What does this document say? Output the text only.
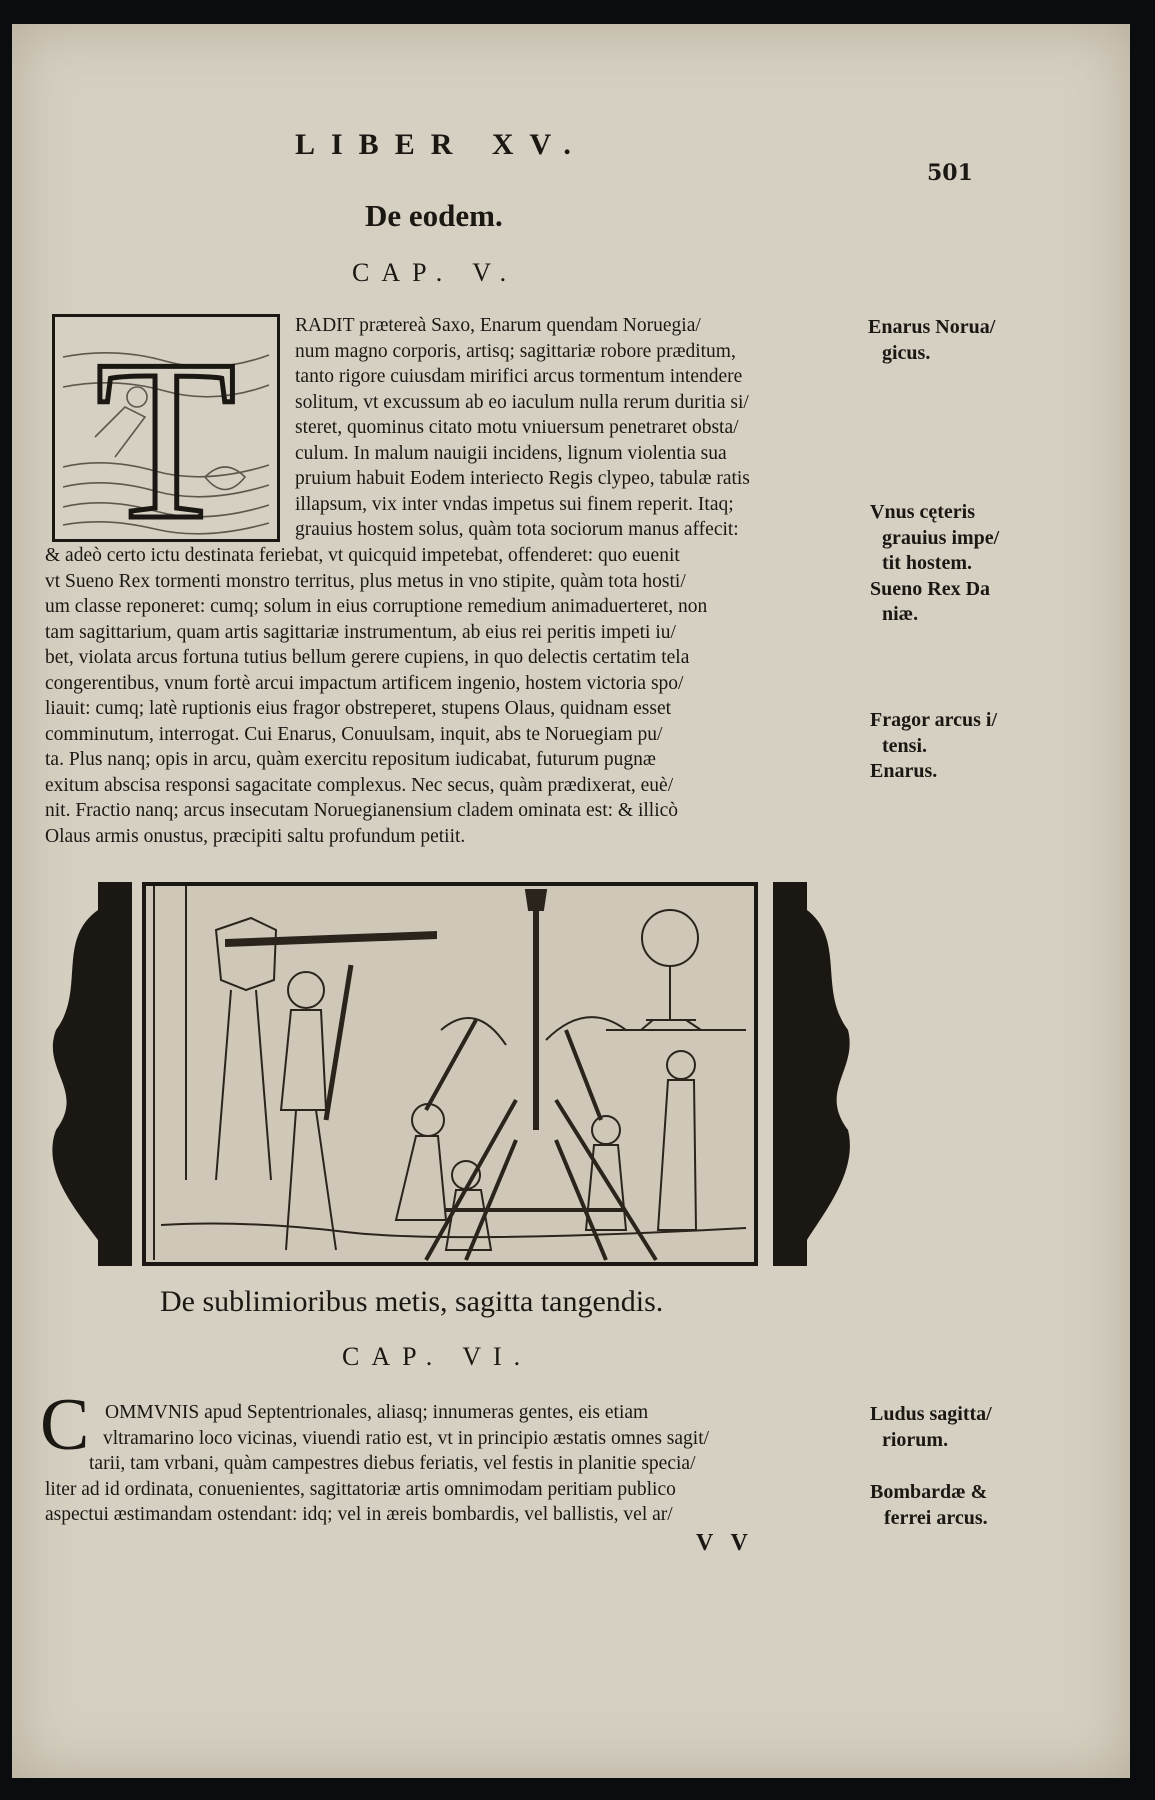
LIBER XV.
501
De eodem.
CAP. V.
T	RADIT prӕtereà Saxo, Enarum quendam Noruegia/
num magno corporis, artisq; sagittariӕ robore prӕditum,
tanto rigore cuiusdam mirifici arcus tormentum intendere
solitum, vt excussum ab eo iaculum nulla rerum duritia si/
steret, quominus citato motu vniuersum penetraret obsta/
culum. In malum nauigii incidens, lignum violentia sua
pruium habuit Eodem interiecto Regis clypeo, tabulӕ ratis
illapsum, vix inter vndas impetus sui finem reperit. Itaq;
grauius hostem solus, quàm tota sociorum manus affecit:
& adeò certo ictu destinata feriebat, vt quicquid impetebat, offenderet: quo euenit
vt Sueno Rex tormenti monstro territus, plus metus in vno stipite, quàm tota hosti/
um classe reponeret: cumq; solum in eius corruptione remedium animaduerteret, non
tam sagittarium, quam artis sagittariӕ instrumentum, ab eius rei peritis impeti iu/
bet, violata arcus fortuna tutius bellum gerere cupiens, in quo delectis certatim tela
congerentibus, vnum fortè arcui impactum artificem ingenio, hostem victoria spo/
liauit: cumq; latè ruptionis eius fragor obstreperet, stupens Olaus, quidnam esset
comminutum, interrogat. Cui Enarus, Conuulsam, inquit, abs te Noruegiam pu/
ta. Plus nanq; opis in arcu, quàm exercitu repositum iudicabat, futurum pugnӕ
exitum abscisa responsi sagacitate complexus. Nec secus, quàm prӕdixerat, euè/
nit. Fractio nanq; arcus insecutam Noruegianensium cladem ominata est: & illicò
Olaus armis onustus, prӕcipiti saltu profundum petiit.
Enarus Norua/
gicus.
Vnus cęteris
grauius impe/
tit hostem.
Sueno Rex Da
niӕ.
Fragor arcus i/
tensi.
Enarus.
Ludus sagitta/
riorum.
Bombardӕ &
ferrei arcus.
De sublimioribus metis, sagitta tangendis.
CAP. VI.
C OMMVNIS apud Septentrionales, aliasq; innumeras gentes, eis etiam
vltramarino loco vicinas, viuendi ratio est, vt in principio ӕstatis omnes sagit/
tarii, tam vrbani, quàm campestres diebus feriatis, vel festis in planitie specia/
liter ad id ordinata, conuenientes, sagittatoriӕ artis omnimodam peritiam publico
aspectui ӕstimandam ostendant: idq; vel in ӕreis bombardis, vel ballistis, vel ar/
V V
